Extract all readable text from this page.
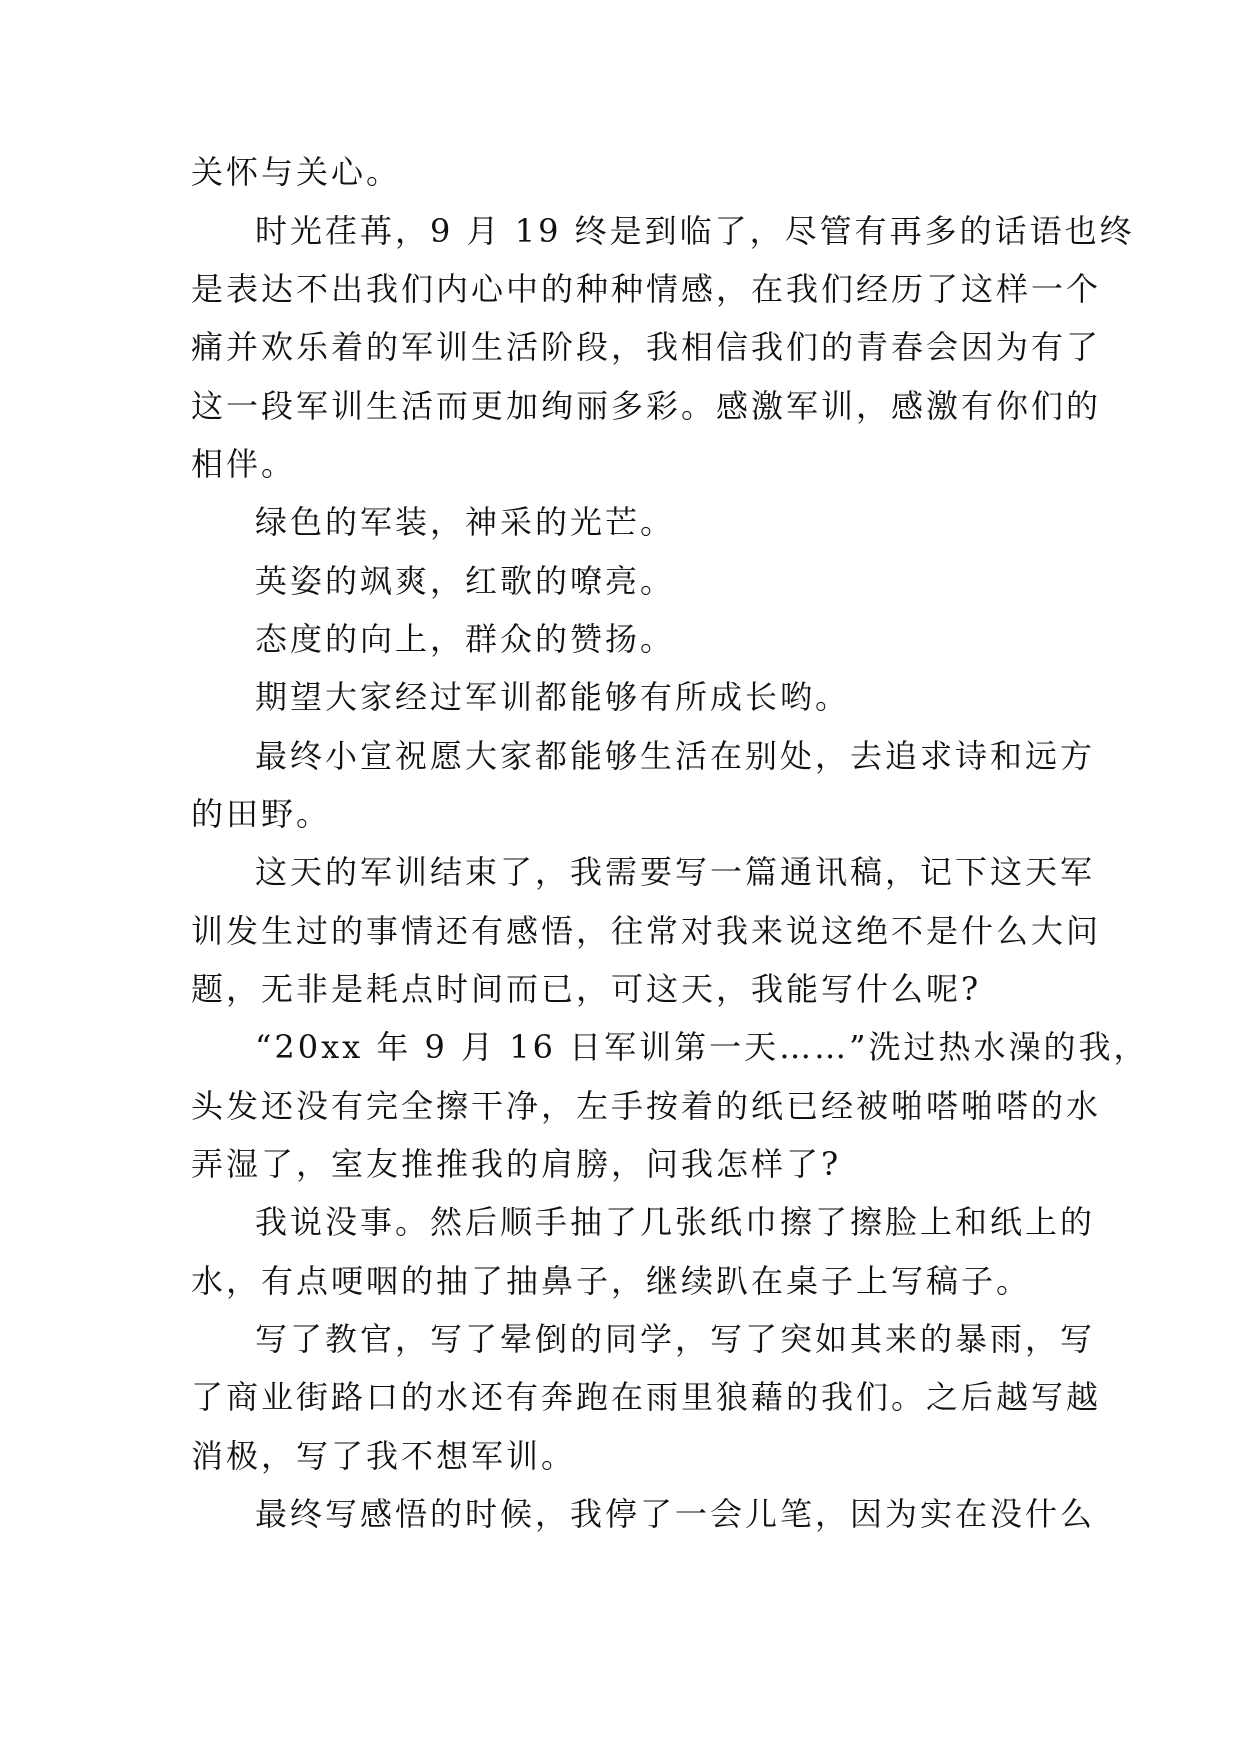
关怀与关心。
时光荏苒，9 月 19 终是到临了，尽管有再多的话语也终
是表达不出我们内心中的种种情感，在我们经历了这样一个
痛并欢乐着的军训生活阶段，我相信我们的青春会因为有了
这一段军训生活而更加绚丽多彩。感激军训，感激有你们的
相伴。
绿色的军装，神采的光芒。
英姿的飒爽，红歌的嘹亮。
态度的向上，群众的赞扬。
期望大家经过军训都能够有所成长哟。
最终小宣祝愿大家都能够生活在别处，去追求诗和远方
的田野。
这天的军训结束了，我需要写一篇通讯稿，记下这天军
训发生过的事情还有感悟，往常对我来说这绝不是什么大问
题，无非是耗点时间而已，可这天，我能写什么呢?
“20xx 年 9 月 16 日军训第一天……”洗过热水澡的我，
头发还没有完全擦干净，左手按着的纸已经被啪嗒啪嗒的水
弄湿了，室友推推我的肩膀，问我怎样了?
我说没事。然后顺手抽了几张纸巾擦了擦脸上和纸上的
水，有点哽咽的抽了抽鼻子，继续趴在桌子上写稿子。
写了教官，写了晕倒的同学，写了突如其来的暴雨，写
了商业街路口的水还有奔跑在雨里狼藉的我们。之后越写越
消极，写了我不想军训。
最终写感悟的时候，我停了一会儿笔，因为实在没什么
